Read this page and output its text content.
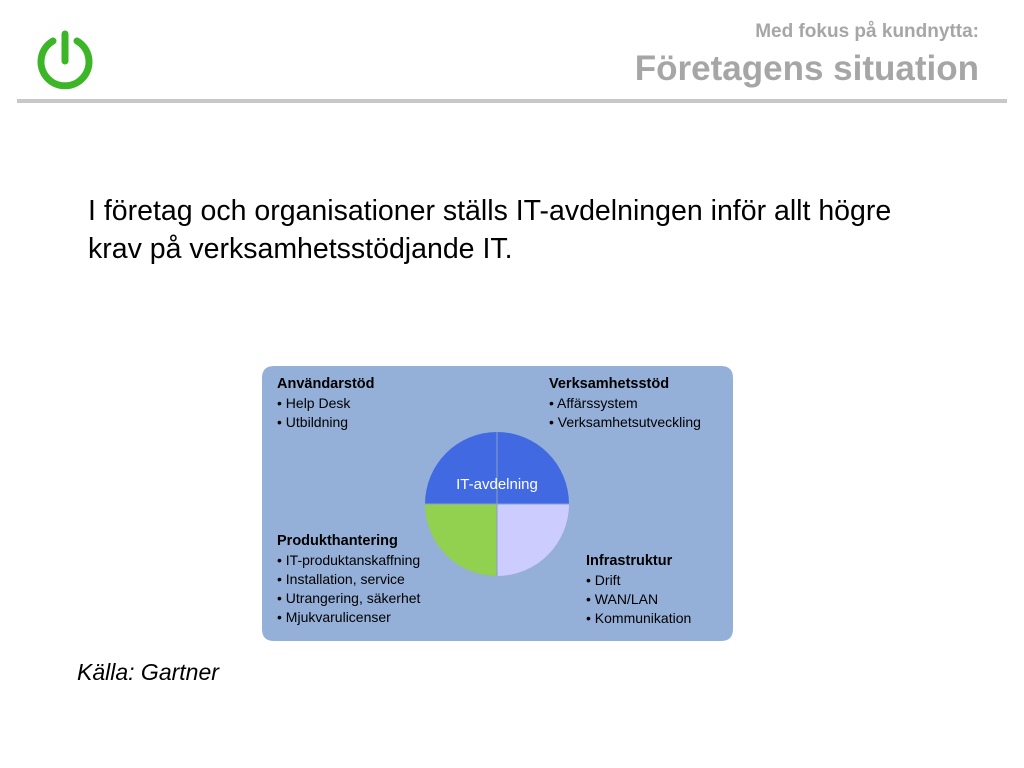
Med fokus på kundnytta:
Företagens situation
I företag och organisationer ställs IT-avdelningen inför allt högre krav på verksamhetsstödjande IT.
IT-avdelning
Användarstöd
• Help Desk
• Utbildning
Verksamhetsstöd
• Affärssystem
• Verksamhetsutveckling
Produkthantering
• IT-produktanskaffning
• Installation, service
• Utrangering, säkerhet
• Mjukvarulicenser
Infrastruktur
• Drift
• WAN/LAN
• Kommunikation
Källa: Gartner
